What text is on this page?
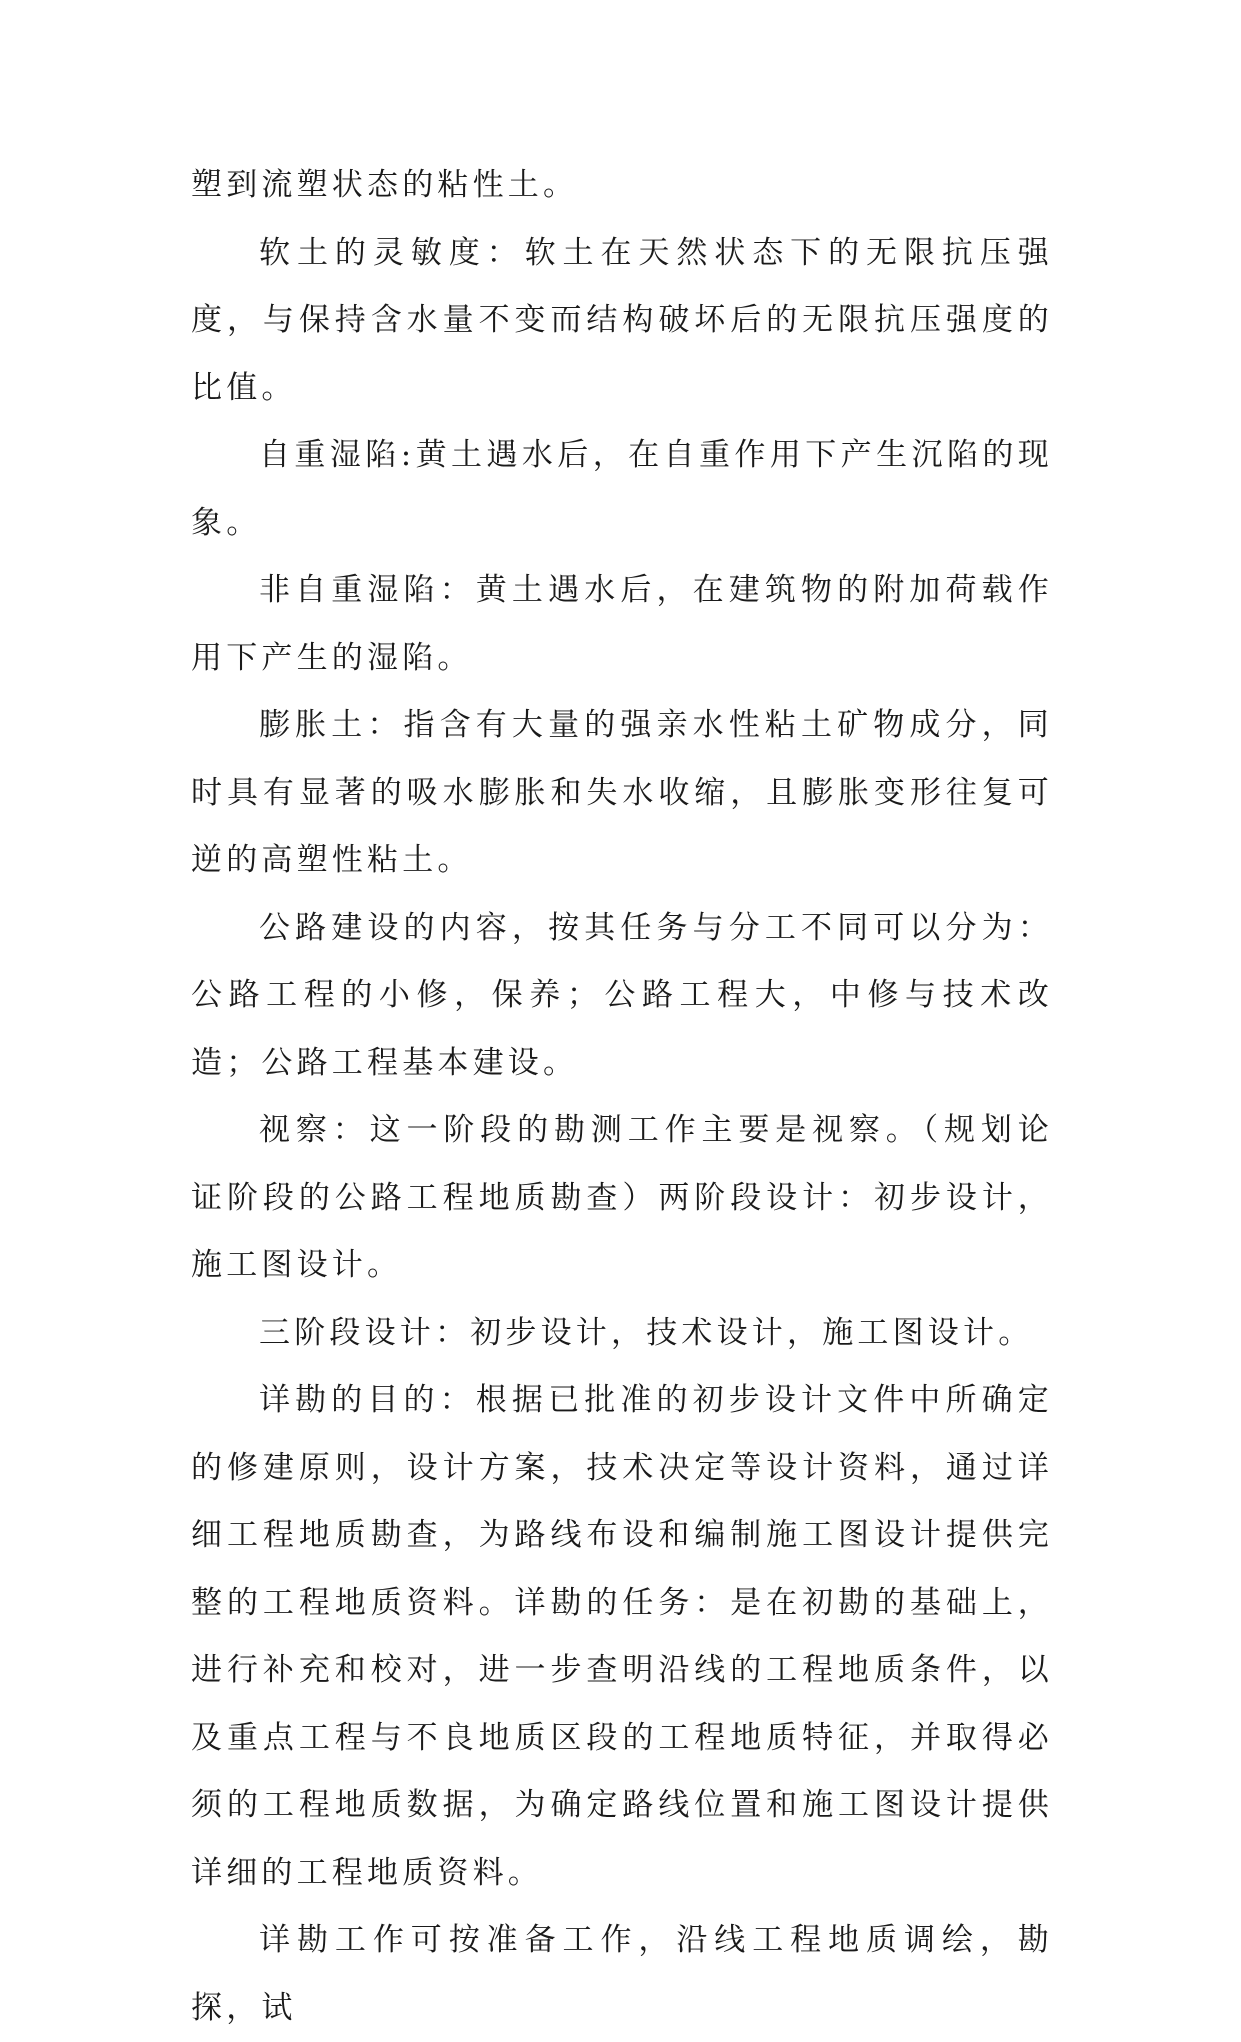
塑到流塑状态的粘性土。

软土的灵敏度：软土在天然状态下的无限抗压强度，与保持含水量不变而结构破坏后的无限抗压强度的比值。

自重湿陷:黄土遇水后，在自重作用下产生沉陷的现象。

非自重湿陷：黄土遇水后，在建筑物的附加荷载作用下产生的湿陷。

膨胀土：指含有大量的强亲水性粘土矿物成分，同时具有显著的吸水膨胀和失水收缩，且膨胀变形往复可逆的高塑性粘土。

公路建设的内容，按其任务与分工不同可以分为：公路工程的小修，保养；公路工程大，中修与技术改造；公路工程基本建设。

视察：这一阶段的勘测工作主要是视察。（规划论证阶段的公路工程地质勘查）两阶段设计：初步设计，施工图设计。

三阶段设计：初步设计，技术设计，施工图设计。

详勘的目的：根据已批准的初步设计文件中所确定的修建原则，设计方案，技术决定等设计资料，通过详细工程地质勘查，为路线布设和编制施工图设计提供完整的工程地质资料。详勘的任务：是在初勘的基础上，进行补充和校对，进一步查明沿线的工程地质条件，以及重点工程与不良地质区段的工程地质特征，并取得必须的工程地质数据，为确定路线位置和施工图设计提供详细的工程地质资料。

详勘工作可按准备工作，沿线工程地质调绘，勘探，试
